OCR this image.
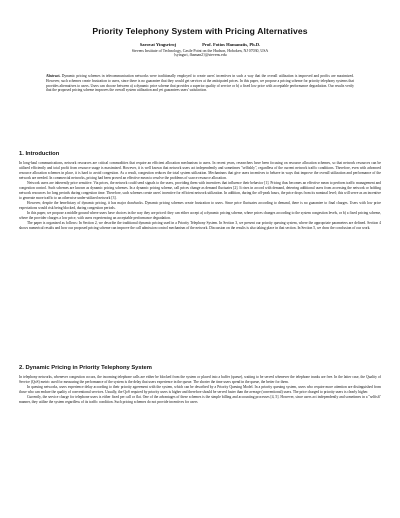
Priority Telephony System with Pricing Alternatives
Sarovat Yingsriroj	Prof. Fotios Hamanziis, Ph.D.
Stevens Institute of Technology, Castle Point on the Hudson, Hoboken, NJ 07030, USA
{syingsri, fhaman2}@stevens.edu
Abstract. Dynamic pricing schemes in telecommunication networks were traditionally employed to create users' incentives in such a way that the overall utilization is improved and profits are maximized. However, such schemes create frustration to users, since there is no guarantee that they would get services at the anticipated prices. In this paper, we propose a pricing scheme for priority telephony systems that provides alternatives to users. Users can choose between a) a dynamic price scheme that provides a superior quality of service or b) a fixed low price with acceptable performance degradation. Our results verify that the proposed pricing scheme improves the overall system utilization and yet guarantees users' satisfaction.
1. Introduction

In long-haul communications, network resources are critical commodities that require an efficient allocation mechanism to users. In recent years, researchers have been focusing on resource allocation schemes, so that network resources can be utilized efficiently and total profit from resource usage is maximized. However, it is well known that network users act independently and sometimes "selfishly", regardless of the current network traffic conditions. Therefore, even with advanced resource allocation schemes in place, it is hard to avoid congestion. As a result, congestion reduces the total system utilization. Mechanisms that give users incentives to behave in ways that improve the overall utilization and performance of the network are needed. In commercial networks, pricing had been proved an effective mean to resolve the problems of scarce resource allocation.

Network users are inherently price sensitive. Via prices, the network could send signals to the users, providing them with incentives that influence their behavior [1]. Pricing thus becomes an effective mean to perform traffic management and congestion control. Such schemes are known as dynamic pricing schemes. In a dynamic pricing scheme, call prices change as demand fluctuates [2]. It rises in accord with demand, deterring additional users from accessing the network or holding network resources for long periods during congestion time. Therefore, such schemes create users' incentive for efficient network utilization. In addition, during the off-peak hours, the price drops from its nominal level; this will serve as an incentive to generate more traffic to an otherwise under-utilized network [3].

However, despite the beneficiary of dynamic pricing, it has major drawbacks. Dynamic pricing schemes create frustration to users. Since price fluctuates according to demand, there is no guarantee to final charges. Users with low price expectations would risk being blocked, during congestion periods.

In this paper, we propose a middle ground where users have choices in the way they are priced: they can either accept a) a dynamic pricing scheme, where prices changes according to the system congestion levels, or b) a fixed pricing scheme, where the provider charges a low price, with users experiencing an acceptable performance degradation.

The paper is organized as follows: In Section 2, we describe the traditional dynamic pricing used in a Priority Telephony System. In Section 3, we present our priority queuing system, where the appropriate parameters are defined. Section 4 shows numerical results and how our proposed pricing scheme can improve the call admission control mechanism of the network. Discussion on the results is also taking place in that section. In Section 5, we draw the conclusion of our work.

2. Dynamic Pricing in Priority Telephony System

In telephony networks, whenever congestion occurs, the incoming telephone calls are either be blocked from the system or placed into a buffer (queue), waiting to be served whenever the telephone trunks are free. In the latter case, the Quality of Service (QoS) metric used for measuring the performance of the system is the delay that users experience in the queue. The shorter the time users spend in the queue, the better for them.

In queuing networks, users experience delay according to their priority agreement with the system, which can be described by a Priority Queuing Model. In a priority queuing system, users who require more attention are distinguished from those who can endure the quality of conventional services. Usually, the QoS required by priority users is higher and therefore should be served faster than the average (conventional) users. The price charged to priority users is clearly higher.

Currently, the service charge for telephone users is either fixed per call or flat. One of the advantages of these schemes is the simple billing and accounting processes [4, 5]. However, since users act independently and sometimes in a "selfish" manner, they utilize the system regardless of its traffic condition. Such pricing schemes do not provide incentives for users
